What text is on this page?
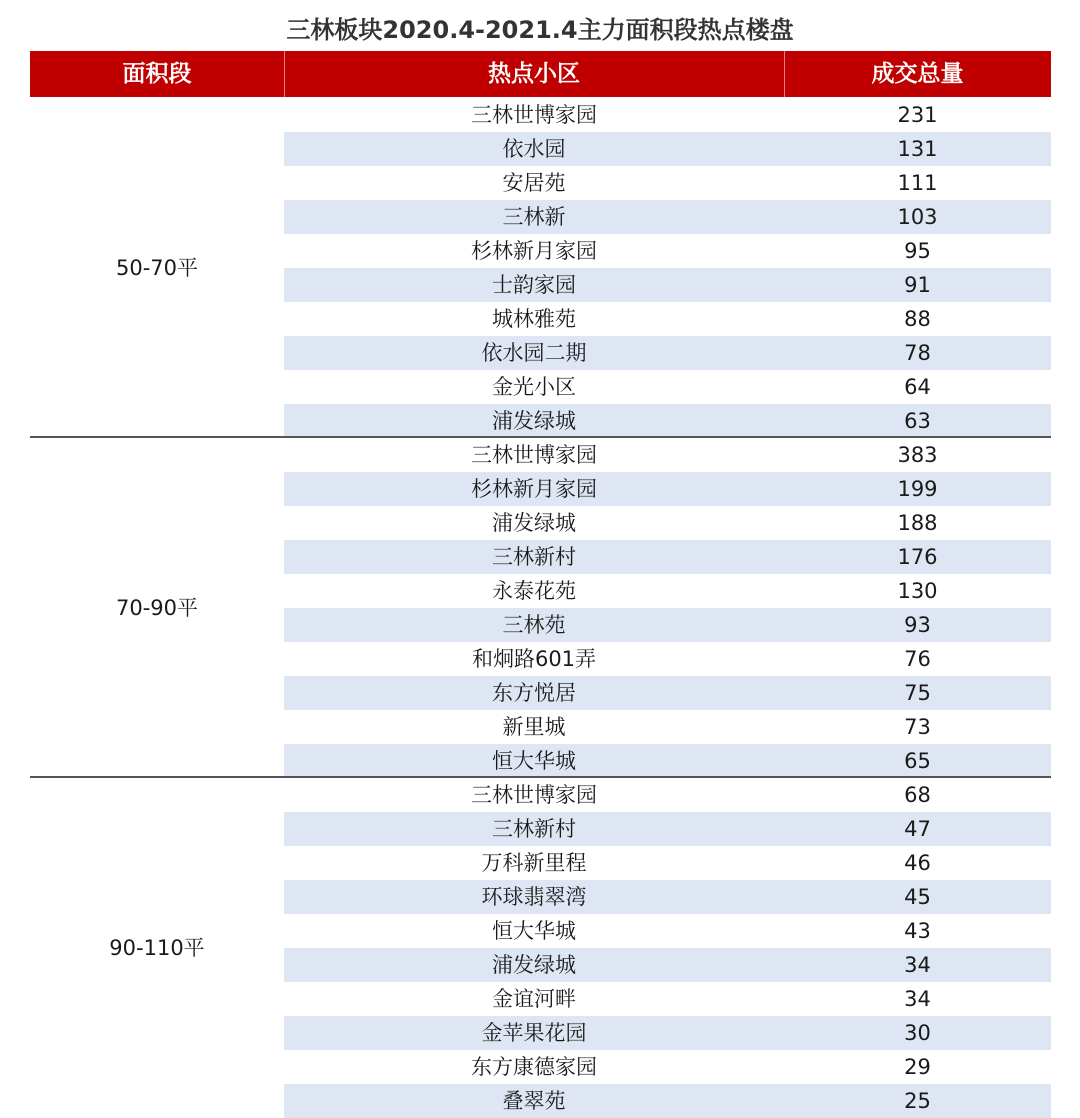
三林板块2020.4-2021.4主力面积段热点楼盘
面积段	热点小区	成交总量
50-70平
三林世博家园	231
依水园	131
安居苑	111
三林新	103
杉林新月家园	95
士韵家园	91
城林雅苑	88
依水园二期	78
金光小区	64
浦发绿城	63
70-90平
三林世博家园	383
杉林新月家园	199
浦发绿城	188
三林新村	176
永泰花苑	130
三林苑	93
和炯路601弄	76
东方悦居	75
新里城	73
恒大华城	65
90-110平
三林世博家园	68
三林新村	47
万科新里程	46
环球翡翠湾	45
恒大华城	43
浦发绿城	34
金谊河畔	34
金苹果花园	30
东方康德家园	29
叠翠苑	25
